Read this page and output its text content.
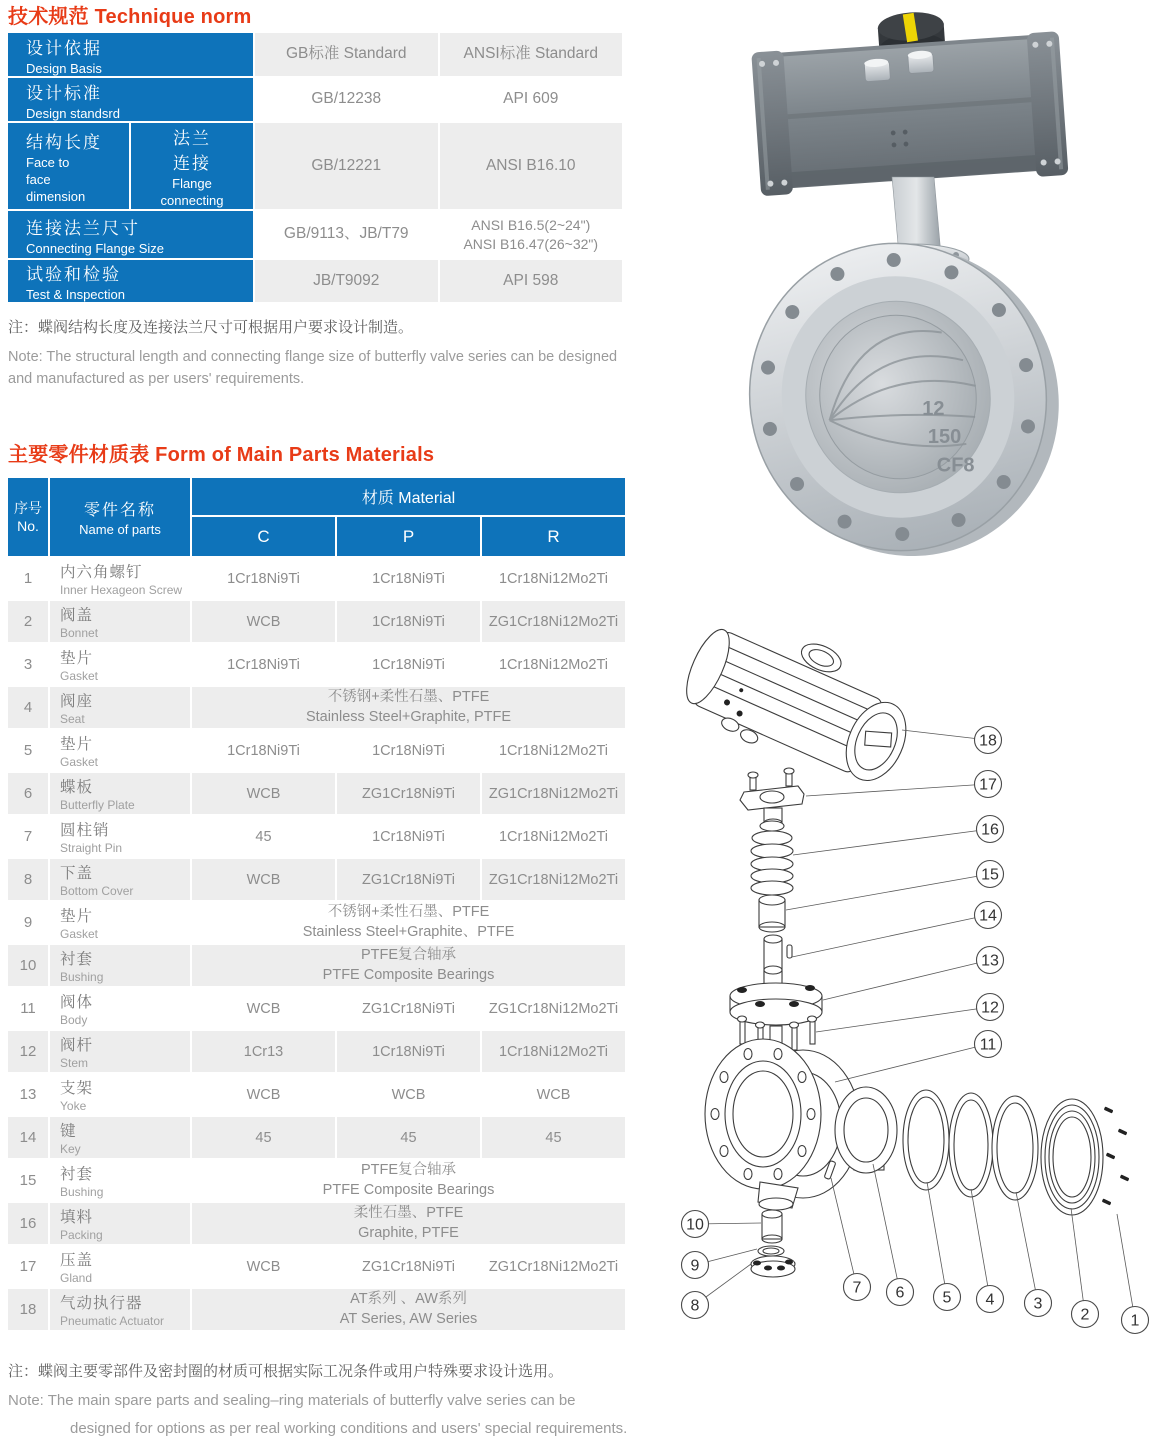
技术规范 Technique norm
设计依据
Design Basis
GB标准 Standard	ANSI标准 Standard
设计标准
Design standsrd
GB/12238	API 609
结构长度
Face to
face
dimension
法兰
连接
Flange
connecting
GB/12221	ANSI B16.10
连接法兰尺寸
Connecting Flange Size
GB/9113、JB/T79
ANSI B16.5(2~24")
ANSI B16.47(26~32")
试验和检验
Test & Inspection
JB/T9092	API 598
注：蝶阀结构长度及连接法兰尺寸可根据用户要求设计制造。
Note: The structural length and connecting flange size of butterfly valve series can be designed
and manufactured as per users' requirements.
主要零件材质表 Form of Main Parts Materials
序号
No.
零件名称
Name of parts
材质 Material
C	P	R
1	内六角螺钉
Inner Hexageon Screw
1Cr18Ni9Ti	1Cr18Ni9Ti	1Cr18Ni12Mo2Ti
2	阀盖
Bonnet
WCB	1Cr18Ni9Ti	ZG1Cr18Ni12Mo2Ti
3	垫片
Gasket
1Cr18Ni9Ti	1Cr18Ni9Ti	1Cr18Ni12Mo2Ti
4	阀座
Seat
不锈钢+柔性石墨、PTFE
Stainless Steel+Graphite, PTFE
5	垫片
Gasket
1Cr18Ni9Ti	1Cr18Ni9Ti	1Cr18Ni12Mo2Ti
6	蝶板
Butterfly Plate
WCB	ZG1Cr18Ni9Ti	ZG1Cr18Ni12Mo2Ti
7	圆柱销
Straight Pin
45	1Cr18Ni9Ti	1Cr18Ni12Mo2Ti
8	下盖
Bottom Cover
WCB	ZG1Cr18Ni9Ti	ZG1Cr18Ni12Mo2Ti
9	垫片
Gasket
不锈钢+柔性石墨、PTFE
Stainless Steel+Graphite、PTFE
10	衬套
Bushing
PTFE复合轴承
PTFE Composite Bearings
11	阀体
Body
WCB	ZG1Cr18Ni9Ti	ZG1Cr18Ni12Mo2Ti
12	阀杆
Stem
1Cr13	1Cr18Ni9Ti	1Cr18Ni12Mo2Ti
13	支架
Yoke
WCB	WCB	WCB
14	键
Key
45	45	45
15	衬套
Bushing
PTFE复合轴承
PTFE Composite Bearings
16	填料
Packing
柔性石墨、PTFE
Graphite, PTFE
17	压盖
Gland
WCB	ZG1Cr18Ni9Ti	ZG1Cr18Ni12Mo2Ti
18	气动执行器
Pneumatic Actuator
AT系列 、AW系列
AT Series, AW Series
注：蝶阀主要零部件及密封圈的材质可根据实际工况条件或用户特殊要求设计选用。
Note: The main spare parts and sealing–ring materials of butterfly valve series can be
designed for options as per real working conditions and users' special requirements.
12
150
CF8
18
17
16
15
14
13
12
11
10
9
8
7 6 5 4 3
2	1
